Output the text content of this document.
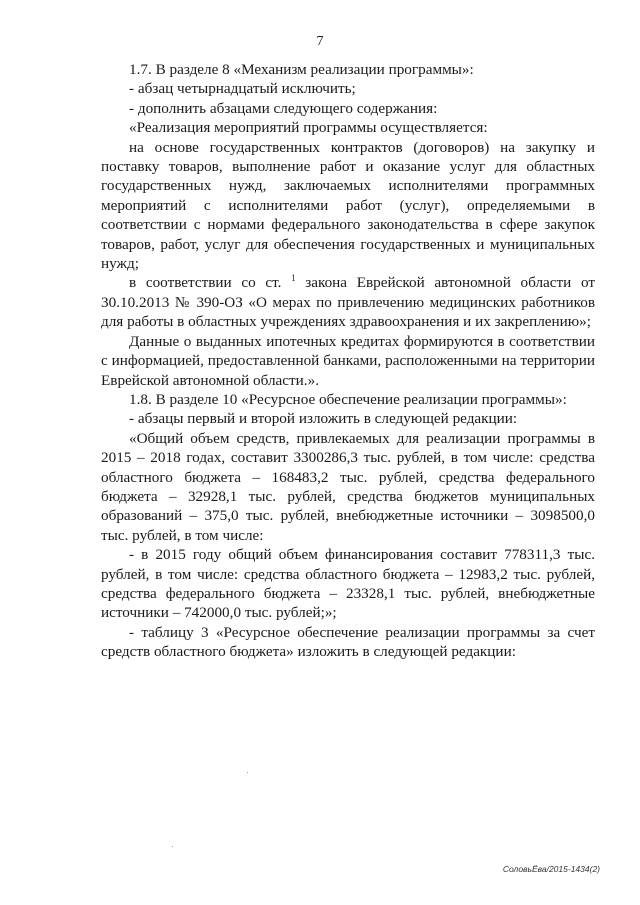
7

1.7. В разделе 8 «Механизм реализации программы»:

- абзац четырнадцатый исключить;

- дополнить абзацами следующего содержания:

«Реализация мероприятий программы осуществляется:

на основе государственных контрактов (договоров) на закупку и поставку товаров, выполнение работ и оказание услуг для областных государственных нужд, заключаемых исполнителями программных мероприятий с исполнителями работ (услуг), определяемыми в соответствии с нормами федерального законодательства в сфере закупок товаров, работ, услуг для обеспечения государственных и муниципальных нужд;

в соответствии со ст. $^1$ закона Еврейской автономной области от 30.10.2013 № 390-ОЗ «О мерах по привлечению медицинских работников для работы в областных учреждениях здравоохранения и их закреплению»;

Данные о выданных ипотечных кредитах формируются в соответствии с информацией, предоставленной банками, расположенными на территории Еврейской автономной области.».

1.8. В разделе 10 «Ресурсное обеспечение реализации программы»:

- абзацы первый и второй изложить в следующей редакции:

«Общий объем средств, привлекаемых для реализации программы в 2015 – 2018 годах, составит 3300286,3 тыс. рублей, в том числе: средства областного бюджета – 168483,2 тыс. рублей, средства федерального бюджета – 32928,1 тыс. рублей, средства бюджетов муниципальных образований – 375,0 тыс. рублей, внебюджетные источники – 3098500,0 тыс. рублей, в том числе:

- в 2015 году общий объем финансирования составит 778311,3 тыс. рублей, в том числе: средства областного бюджета – 12983,2 тыс. рублей, средства федерального бюджета – 23328,1 тыс. рублей, внебюджетные источники – 742000,0 тыс. рублей;»;

- таблицу 3 «Ресурсное обеспечение реализации программы за счет средств областного бюджета» изложить в следующей редакции:

СоловьЁва/2015-1434(2)
